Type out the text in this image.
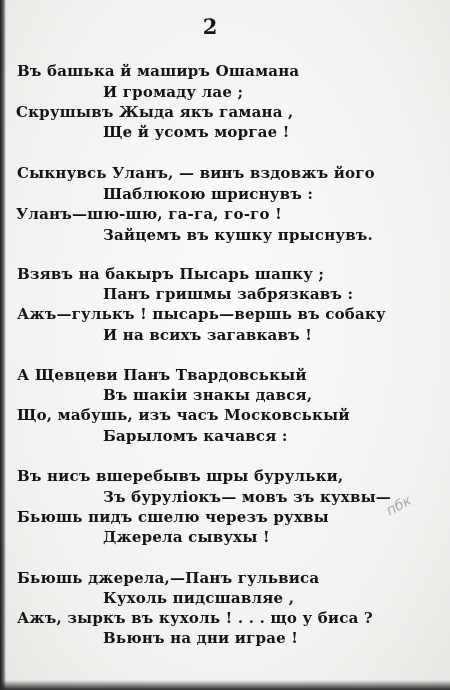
2
Въ башька й маширъ Ошамана
И громаду лае ;
Скрушывъ Жыда якъ гамана ,
Ще й усомъ моргае !
Сыкнувсь Уланъ, — винъ вздовжъ його
Шаблюкою шриснувъ :
Уланъ—шю-шю, га-га, го-го !
Зайцемъ въ кушку прыснувъ.
Взявъ на бакыръ Пысарь шапку ;
Панъ гришмы забрязкавъ :
Ажъ—гулькъ ! пысарь—вершь въ собаку
И на всихъ загавкавъ !
А Щевцеви Панъ Твардовськый
Въ шакіи знакы дався,
Що, мабушь, изъ часъ Московськый
Барыломъ качався :
Въ нисъ вшеребывъ шры бурульки,
Зъ бурулiокъ— мовъ зъ кухвы—
Бьюшь пидъ сшелю черезъ рухвы
Джерела сывухы !
Бьюшь джерела,—Панъ гульвиса
Кухоль пидсшавляе ,
Ажъ, зыркъ въ кухоль ! . . . що у биса ?
Вьюнъ на дни играе !
пбк
